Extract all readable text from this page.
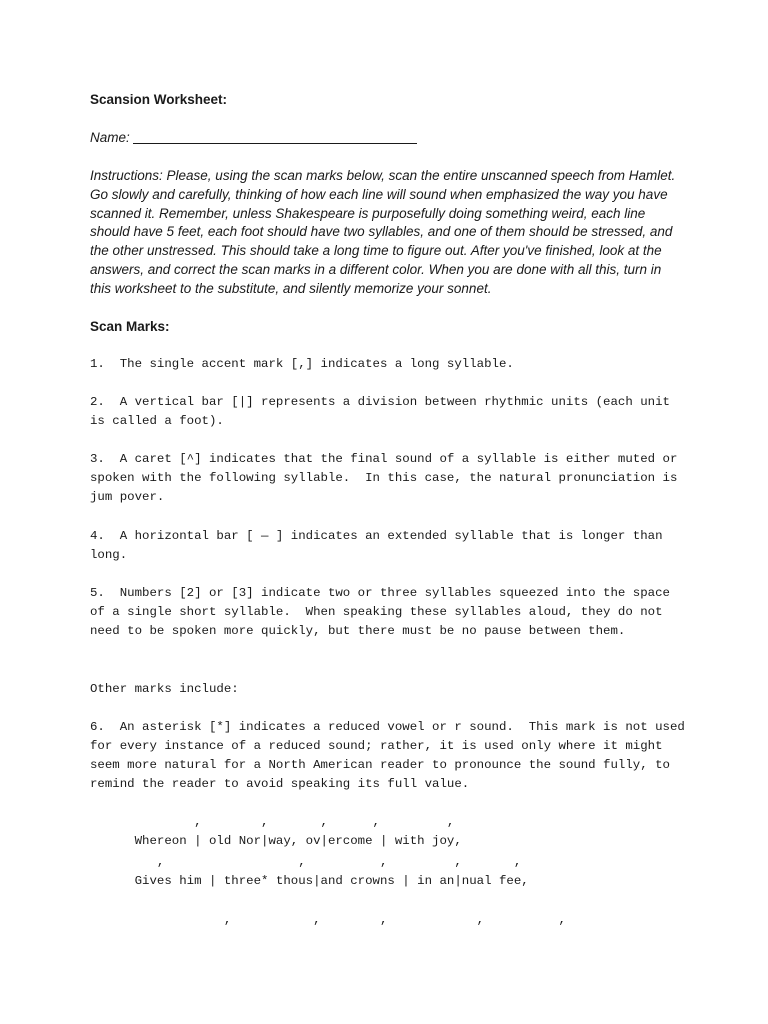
Scansion Worksheet:
Name:
Instructions: Please, using the scan marks below, scan the entire unscanned speech from Hamlet. Go slowly and carefully, thinking of how each line will sound when emphasized the way you have scanned it. Remember, unless Shakespeare is purposefully doing something weird, each line should have 5 feet, each foot should have two syllables, and one of them should be stressed, and the other unstressed. This should take a long time to figure out. After you've finished, look at the answers, and correct the scan marks in a different color. When you are done with all this, turn in this worksheet to the substitute, and silently memorize your sonnet.
Scan Marks:
1.  The single accent mark [,] indicates a long syllable.
2.  A vertical bar [|] represents a division between rhythmic units (each unit is called a foot).
3.  A caret [^] indicates that the final sound of a syllable is either muted or spoken with the following syllable.  In this case, the natural pronunciation is jum pover.
4.  A horizontal bar [ — ] indicates an extended syllable that is longer than long.
5.  Numbers [2] or [3] indicate two or three syllables squeezed into the space of a single short syllable.  When speaking these syllables aloud, they do not need to be spoken more quickly, but there must be no pause between them.
Other marks include:
6.  An asterisk [*] indicates a reduced vowel or r sound.  This mark is not used for every instance of a reduced sound; rather, it is used only where it might seem more natural for a North American reader to pronounce the sound fully, to remind the reader to avoid speaking its full value.
,        ,       ,      ,         ,
Whereon | old Nor|way, ov|ercome | with joy,
,                  ,          ,         ,       ,
Gives him | three* thous|and crowns | in an|nual fee,
,           ,        ,            ,          ,
